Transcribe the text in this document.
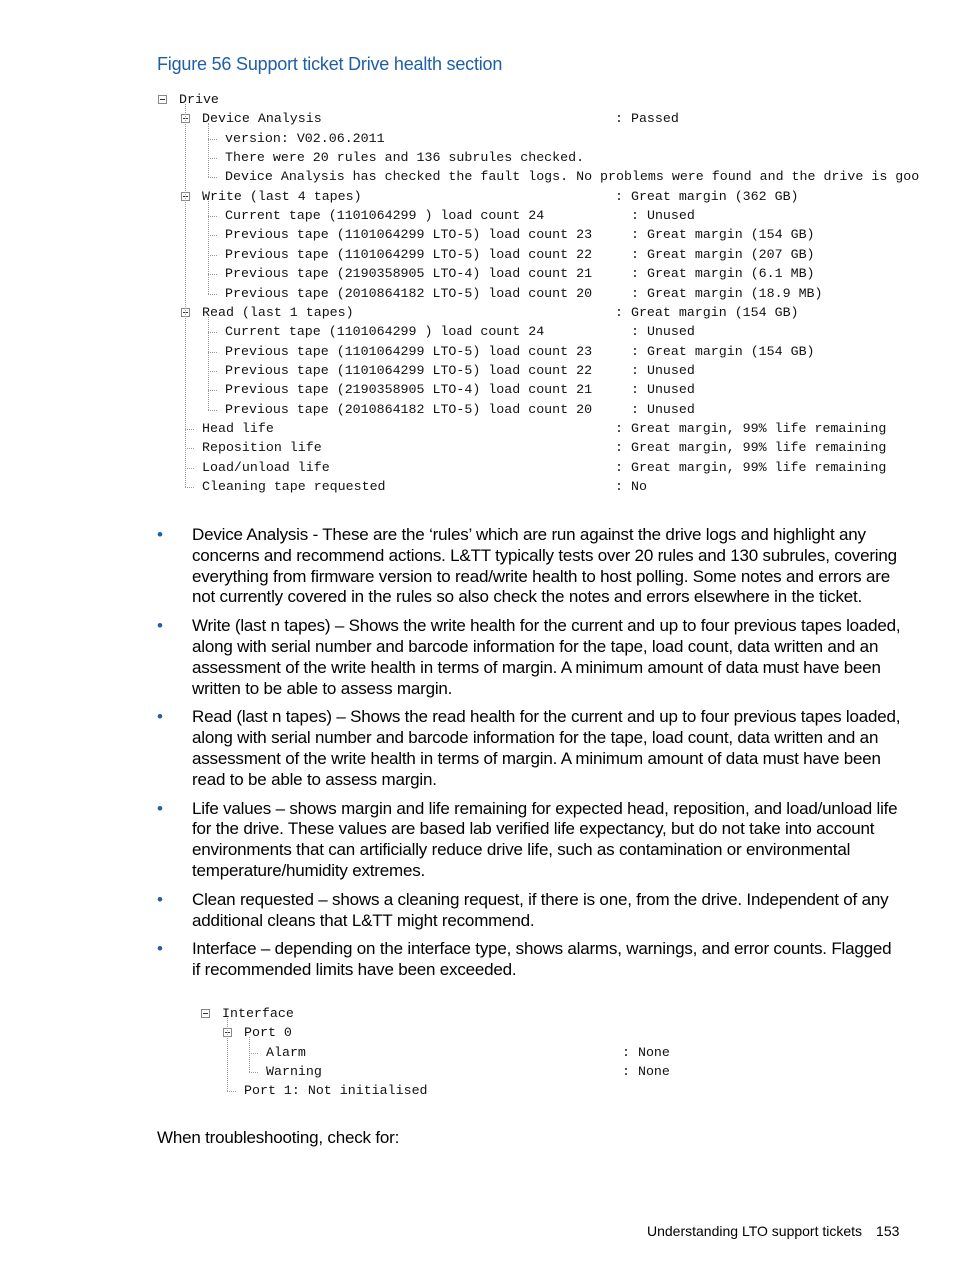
Figure 56 Support ticket Drive health section
Drive
Device Analysis	: Passed
version: V02.06.2011
There were 20 rules and 136 subrules checked.
Device Analysis has checked the fault logs. No problems were found and the drive is goo
Write (last 4 tapes)	: Great margin (362 GB)
Current tape (1101064299 ) load count 24	: Unused
Previous tape (1101064299 LTO-5) load count 23	: Great margin (154 GB)
Previous tape (1101064299 LTO-5) load count 22	: Great margin (207 GB)
Previous tape (2190358905 LTO-4) load count 21	: Great margin (6.1 MB)
Previous tape (2010864182 LTO-5) load count 20	: Great margin (18.9 MB)
Read (last 1 tapes)	: Great margin (154 GB)
Current tape (1101064299 ) load count 24	: Unused
Previous tape (1101064299 LTO-5) load count 23	: Great margin (154 GB)
Previous tape (1101064299 LTO-5) load count 22	: Unused
Previous tape (2190358905 LTO-4) load count 21	: Unused
Previous tape (2010864182 LTO-5) load count 20	: Unused
Head life	: Great margin, 99% life remaining
Reposition life	: Great margin, 99% life remaining
Load/unload life	: Great margin, 99% life remaining
Cleaning tape requested	: No
• Device Analysis - These are the ‘rules’ which are run against the drive logs and highlight any concerns and recommend actions. L&TT typically tests over 20 rules and 130 subrules, covering everything from firmware version to read/write health to host polling. Some notes and errors are not currently covered in the rules so also check the notes and errors elsewhere in the ticket.
• Write (last n tapes) – Shows the write health for the current and up to four previous tapes loaded, along with serial number and barcode information for the tape, load count, data written and an assessment of the write health in terms of margin. A minimum amount of data must have been written to be able to assess margin.
• Read (last n tapes) – Shows the read health for the current and up to four previous tapes loaded, along with serial number and barcode information for the tape, load count, data written and an assessment of the write health in terms of margin. A minimum amount of data must have been read to be able to assess margin.
• Life values – shows margin and life remaining for expected head, reposition, and load/unload life for the drive. These values are based lab verified life expectancy, but do not take into account environments that can artificially reduce drive life, such as contamination or environmental temperature/humidity extremes.
• Clean requested – shows a cleaning request, if there is one, from the drive. Independent of any additional cleans that L&TT might recommend.
• Interface – depending on the interface type, shows alarms, warnings, and error counts. Flagged if recommended limits have been exceeded.
Interface
Port 0
Alarm	: None
Warning	: None
Port 1: Not initialised
When troubleshooting, check for:
Understanding LTO support tickets 153
